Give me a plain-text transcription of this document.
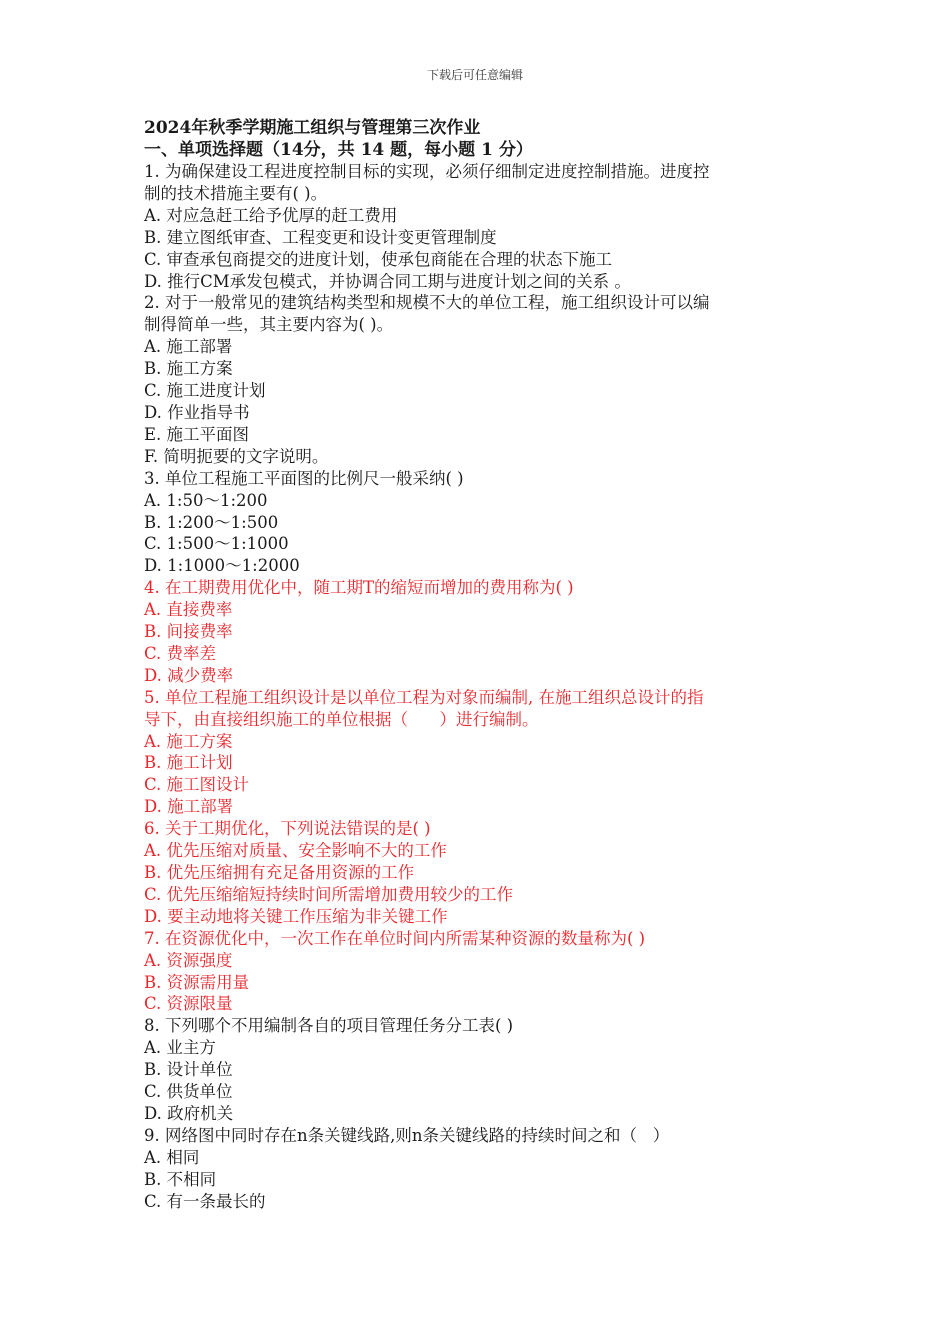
下载后可任意编辑
2024年秋季学期施工组织与管理第三次作业
一、单项选择题（14分，共 14 题，每小题 1 分）
1. 为确保建设工程进度控制目标的实现，必须仔细制定进度控制措施。进度控
制的技术措施主要有( )。
A. 对应急赶工给予优厚的赶工费用
B. 建立图纸审查、工程变更和设计变更管理制度
C. 审查承包商提交的进度计划，使承包商能在合理的状态下施工
D. 推行CM承发包模式，并协调合同工期与进度计划之间的关系 。
2. 对于一般常见的建筑结构类型和规模不大的单位工程，施工组织设计可以编
制得简单一些，其主要内容为( )。
A. 施工部署
B. 施工方案
C. 施工进度计划
D. 作业指导书
E. 施工平面图
F. 简明扼要的文字说明。
3. 单位工程施工平面图的比例尺一般采纳( )
A. 1:50～1:200
B. 1:200～1:500
C. 1:500～1:1000
D. 1:1000～1:2000
4. 在工期费用优化中，随工期T的缩短而增加的费用称为( )
A. 直接费率
B. 间接费率
C. 费率差
D. 减少费率
5. 单位工程施工组织设计是以单位工程为对象而编制, 在施工组织总设计的指
导下，由直接组织施工的单位根据（      ）进行编制。
A. 施工方案
B. 施工计划
C. 施工图设计
D. 施工部署
6. 关于工期优化，下列说法错误的是( )
A. 优先压缩对质量、安全影响不大的工作
B. 优先压缩拥有充足备用资源的工作
C. 优先压缩缩短持续时间所需增加费用较少的工作
D. 要主动地将关键工作压缩为非关键工作
7. 在资源优化中，一次工作在单位时间内所需某种资源的数量称为( )
A. 资源强度
B. 资源需用量
C. 资源限量
8. 下列哪个不用编制各自的项目管理任务分工表( )
A. 业主方
B. 设计单位
C. 供货单位
D. 政府机关
9. 网络图中同时存在n条关键线路,则n条关键线路的持续时间之和（   ）
A. 相同
B. 不相同
C. 有一条最长的
